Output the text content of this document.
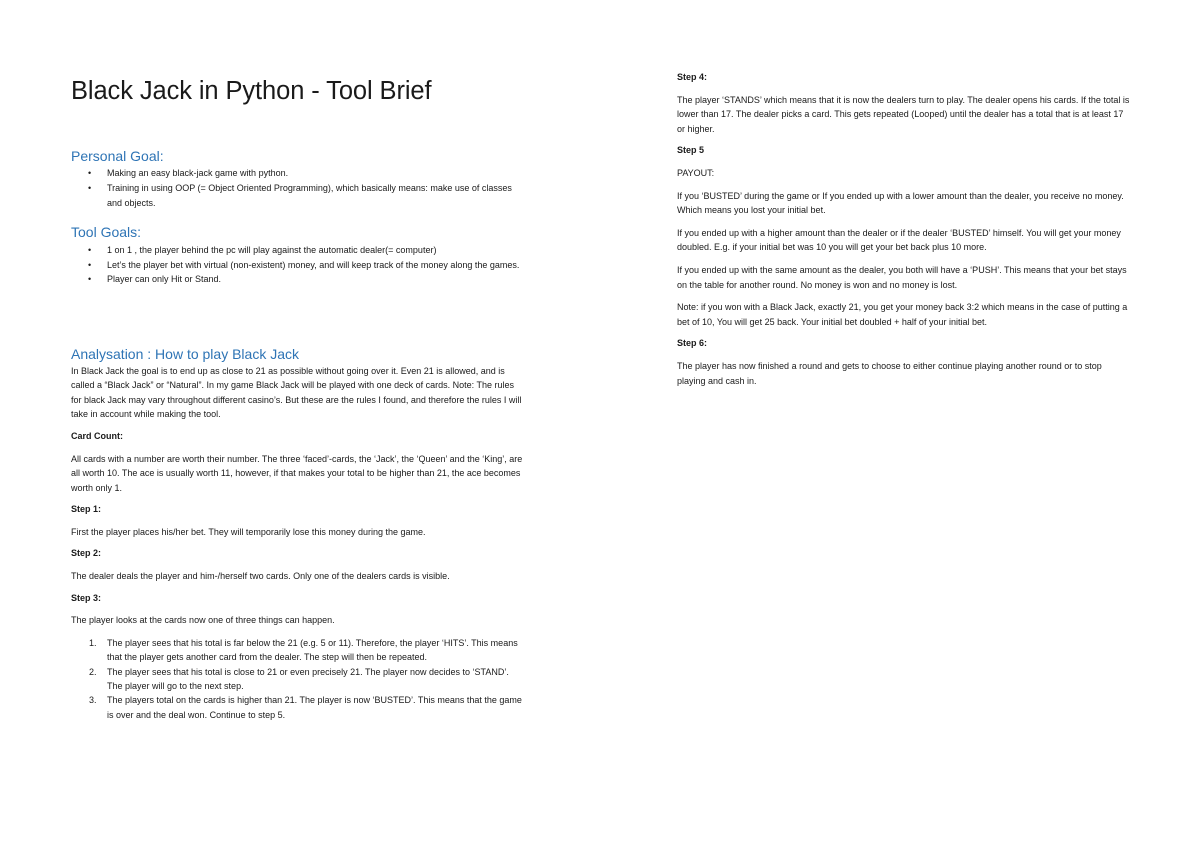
Black Jack in Python - Tool Brief
Personal Goal:
• Making an easy black-jack game with python.
• Training in using OOP (= Object Oriented Programming), which basically means: make use of classes and objects.
Tool Goals:
• 1 on 1 , the player behind the pc will play against the automatic dealer(= computer)
• Let’s the player bet with virtual (non-existent) money, and will keep track of the money along the games.
• Player can only Hit or Stand.
Analysation : How to play Black Jack

In Black Jack the goal is to end up as close to 21 as possible without going over it. Even 21 is allowed, and is called a “Black Jack” or “Natural”. In my game Black Jack will be played with one deck of cards. Note: The rules for black Jack may vary throughout different casino’s. But these are the rules I found, and therefore the rules I will take in account while making the tool.

Card Count:

All cards with a number are worth their number. The three ‘faced’-cards, the ‘Jack’, the ‘Queen’ and the ‘King’, are all worth 10. The ace is usually worth 11, however, if that makes your total to be higher than 21, the ace becomes worth only 1.

Step 1:

First the player places his/her bet. They will temporarily lose this money during the game.

Step 2:

The dealer deals the player and him-/herself two cards. Only one of the dealers cards is visible.

Step 3:

The player looks at the cards now one of three things can happen.

1. The player sees that his total is far below the 21 (e.g. 5 or 11). Therefore, the player ‘HITS’. This means that the player gets another card from the dealer. The step will then be repeated.
2. The player sees that his total is close to 21 or even precisely 21. The player now decides to ‘STAND’. The player will go to the next step.
3. The players total on the cards is higher than 21. The player is now ‘BUSTED’. This means that the game is over and the deal won. Continue to step 5.

Step 4:

The player ‘STANDS’ which means that it is now the dealers turn to play. The dealer opens his cards. If the total is lower than 17. The dealer picks a card. This gets repeated (Looped) until the dealer has a total that is at least 17 or higher.

Step 5

PAYOUT:

If you ‘BUSTED’ during the game or If you ended up with a lower amount than the dealer, you receive no money. Which means you lost your initial bet.

If you ended up with a higher amount than the dealer or if the dealer ‘BUSTED’ himself. You will get your money doubled. E.g. if your initial bet was 10 you will get your bet back plus 10 more.

If you ended up with the same amount as the dealer, you both will have a ‘PUSH’. This means that your bet stays on the table for another round. No money is won and no money is lost.

Note: if you won with a Black Jack, exactly 21, you get your money back 3:2 which means in the case of putting a bet of 10, You will get 25 back. Your initial bet doubled + half of your initial bet.

Step 6:

The player has now finished a round and gets to choose to either continue playing another round or to stop playing and cash in.
